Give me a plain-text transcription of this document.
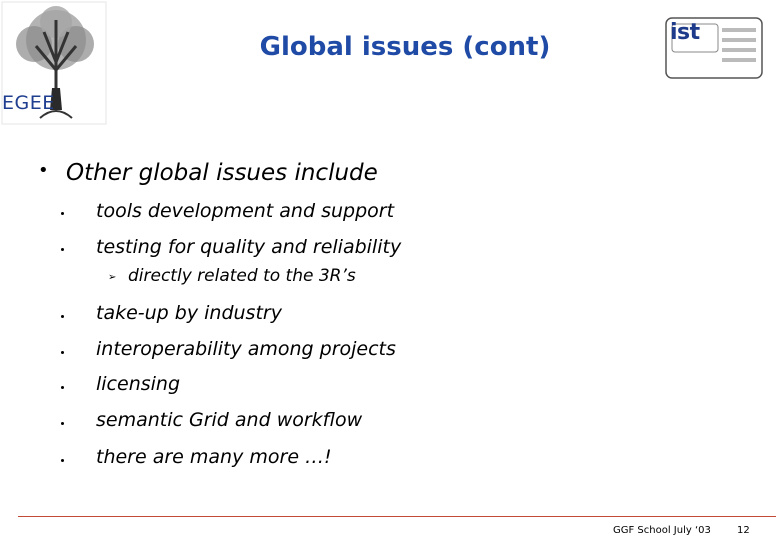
EGEE
Global issues (cont)	ist
• Other global issues include
tools development and support
testing for quality and reliability
➢ directly related to the 3R’s
take-up by industry
interoperability among projects
licensing
semantic Grid and workflow
there are many more …!
GGF School July ‘03	12
